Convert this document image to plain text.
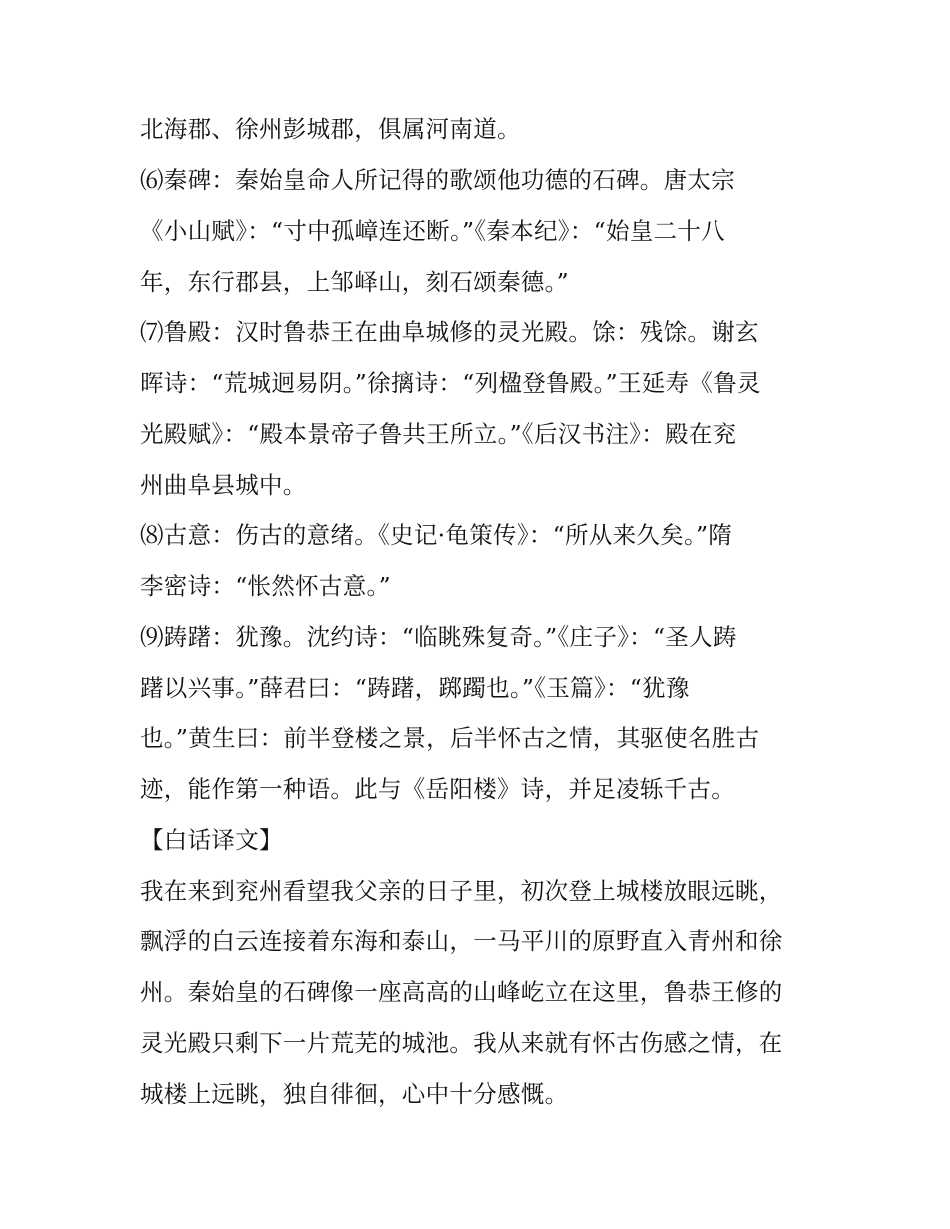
北海郡、徐州彭城郡，俱属河南道。
⑹秦碑：秦始皇命人所记得的歌颂他功德的石碑。唐太宗
《小山赋》：“寸中孤嶂连还断。”《秦本纪》：“始皇二十八
年，东行郡县，上邹峄山，刻石颂秦德。”
⑺鲁殿：汉时鲁恭王在曲阜城修的灵光殿。馀：残馀。谢玄
晖诗：“荒城迥易阴。”徐摛诗：“列楹登鲁殿。”王延寿《鲁灵
光殿赋》：“殿本景帝子鲁共王所立。”《后汉书注》：殿在兖
州曲阜县城中。
⑻古意：伤古的意绪。《史记·龟策传》：“所从来久矣。”隋
李密诗：“怅然怀古意。”
⑼踌躇：犹豫。沈约诗：“临眺殊复奇。”《庄子》：“圣人踌
躇以兴事。”薛君曰：“踌躇，踯躅也。”《玉篇》：“犹豫
也。”黄生曰：前半登楼之景，后半怀古之情，其驱使名胜古
迹，能作第一种语。此与《岳阳楼》诗，并足凌轹千古。
【白话译文】
我在来到兖州看望我父亲的日子里，初次登上城楼放眼远眺，
飘浮的白云连接着东海和泰山，一马平川的原野直入青州和徐
州。秦始皇的石碑像一座高高的山峰屹立在这里，鲁恭王修的
灵光殿只剩下一片荒芜的城池。我从来就有怀古伤感之情，在
城楼上远眺，独自徘徊，心中十分感慨。
